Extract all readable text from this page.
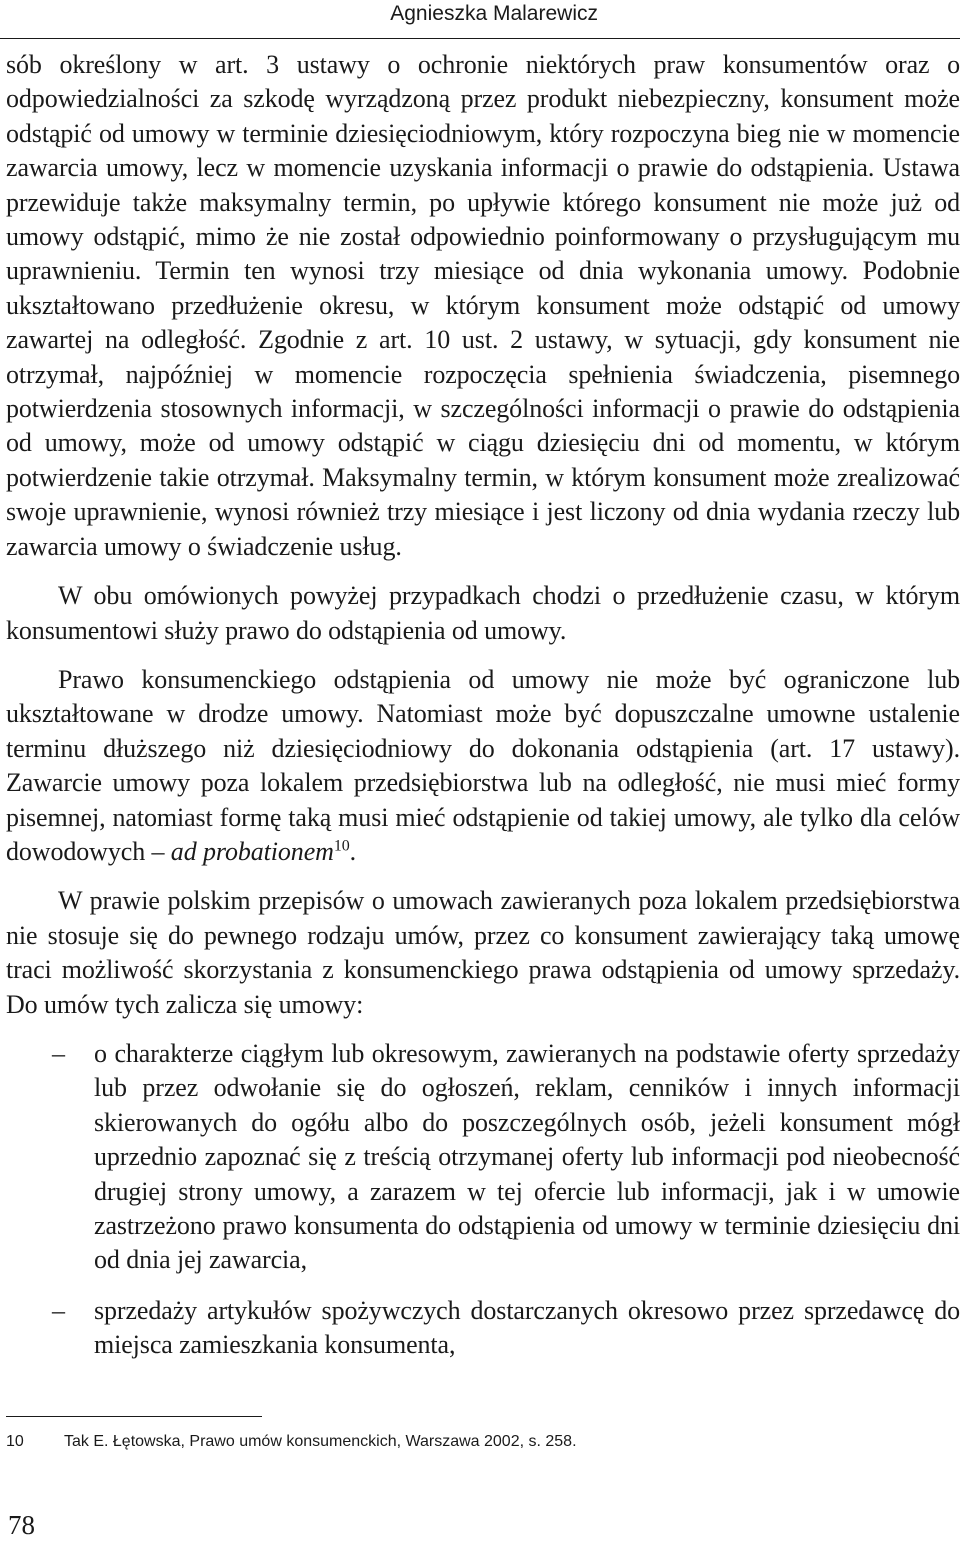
Agnieszka Malarewicz

sób określony w art. 3 ustawy o ochronie niektórych praw konsumentów oraz o odpowiedzialności za szkodę wyrządzoną przez produkt niebezpieczny, konsument może odstąpić od umowy w terminie dziesięciodniowym, który rozpoczyna bieg nie w momencie zawarcia umowy, lecz w momencie uzyskania informacji o prawie do odstąpienia. Ustawa przewiduje także maksymalny termin, po upływie którego konsument nie może już od umowy odstąpić, mimo że nie został odpowiednio poinformowany o przysługującym mu uprawnieniu. Termin ten wynosi trzy miesiące od dnia wykonania umowy. Podobnie ukształtowano przedłużenie okresu, w którym konsument może odstąpić od umowy zawartej na odległość. Zgodnie z art. 10 ust. 2 ustawy, w sytuacji, gdy konsument nie otrzymał, najpóźniej w momencie rozpoczęcia spełnienia świadczenia, pisemnego potwierdzenia stosownych informacji, w szczególności informacji o prawie do odstąpienia od umowy, może od umowy odstąpić w ciągu dziesięciu dni od momentu, w którym potwierdzenie takie otrzymał. Maksymalny termin, w którym konsument może zrealizować swoje uprawnienie, wynosi również trzy miesiące i jest liczony od dnia wydania rzeczy lub zawarcia umowy o świadczenie usług.

W obu omówionych powyżej przypadkach chodzi o przedłużenie czasu, w którym konsumentowi służy prawo do odstąpienia od umowy.

Prawo konsumenckiego odstąpienia od umowy nie może być ograniczone lub ukształtowane w drodze umowy. Natomiast może być dopuszczalne umowne ustalenie terminu dłuższego niż dziesięciodniowy do dokonania odstąpienia (art. 17 ustawy). Zawarcie umowy poza lokalem przedsiębiorstwa lub na odległość, nie musi mieć formy pisemnej, natomiast formę taką musi mieć odstąpienie od takiej umowy, ale tylko dla celów dowodowych – ad probationem$^{10}$.

W prawie polskim przepisów o umowach zawieranych poza lokalem przedsiębiorstwa nie stosuje się do pewnego rodzaju umów, przez co konsument zawierający taką umowę traci możliwość skorzystania z konsumenckiego prawa odstąpienia od umowy sprzedaży. Do umów tych zalicza się umowy:

– o charakterze ciągłym lub okresowym, zawieranych na podstawie oferty sprzedaży lub przez odwołanie się do ogłoszeń, reklam, cenników i innych informacji skierowanych do ogółu albo do poszczególnych osób, jeżeli konsument mógł uprzednio zapoznać się z treścią otrzymanej oferty lub informacji pod nieobecność drugiej strony umowy, a zarazem w tej ofercie lub informacji, jak i w umowie zastrzeżono prawo konsumenta do odstąpienia od umowy w terminie dziesięciu dni od dnia jej zawarcia,
– sprzedaży artykułów spożywczych dostarczanych okresowo przez sprzedawcę do miejsca zamieszkania konsumenta,
10	Tak E. Łętowska, Prawo umów konsumenckich, Warszawa 2002, s. 258.
78
